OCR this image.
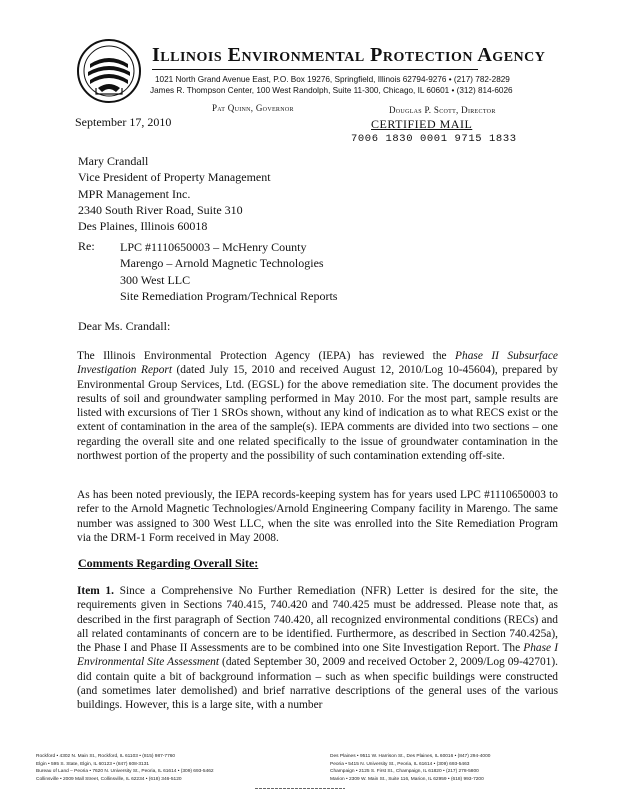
Illinois Environmental Protection Agency
1021 North Grand Avenue East, P.O. Box 19276, Springfield, Illinois 62794-9276 • (217) 782-2829
James R. Thompson Center, 100 West Randolph, Suite 11-300, Chicago, IL 60601 • (312) 814-6026
Pat Quinn, Governor	Douglas P. Scott, Director
September 17, 2010	CERTIFIED MAIL
7006 1830 0001 9715 1833
Mary Crandall
Vice President of Property Management
MPR Management Inc.
2340 South River Road, Suite 310
Des Plaines, Illinois 60018
Re: LPC #1110650003 – McHenry County
Marengo – Arnold Magnetic Technologies
300 West LLC
Site Remediation Program/Technical Reports
Dear Ms. Crandall:
The Illinois Environmental Protection Agency (IEPA) has reviewed the Phase II Subsurface Investigation Report (dated July 15, 2010 and received August 12, 2010/Log 10-45604), prepared by Environmental Group Services, Ltd. (EGSL) for the above remediation site. The document provides the results of soil and groundwater sampling performed in May 2010. For the most part, sample results are listed with excursions of Tier 1 SROs shown, without any kind of indication as to what RECS exist or the extent of contamination in the area of the sample(s). IEPA comments are divided into two sections – one regarding the overall site and one related specifically to the issue of groundwater contamination in the northwest portion of the property and the possibility of such contamination extending off-site.
As has been noted previously, the IEPA records-keeping system has for years used LPC #1110650003 to refer to the Arnold Magnetic Technologies/Arnold Engineering Company facility in Marengo. The same number was assigned to 300 West LLC, when the site was enrolled into the Site Remediation Program via the DRM-1 Form received in May 2008.
Comments Regarding Overall Site:
Item 1. Since a Comprehensive No Further Remediation (NFR) Letter is desired for the site, the requirements given in Sections 740.415, 740.420 and 740.425 must be addressed. Please note that, as described in the first paragraph of Section 740.420, all recognized environmental conditions (RECs) and all related contaminants of concern are to be identified. Furthermore, as described in Section 740.425a), the Phase I and Phase II Assessments are to be combined into one Site Investigation Report. The Phase I Environmental Site Assessment (dated September 30, 2009 and received October 2, 2009/Log 09-42701). did contain quite a bit of background information – such as when specific buildings were constructed (and sometimes later demolished) and brief narrative descriptions of the general uses of the various buildings. However, this is a large site, with a number
Rockford • 4302 N. Main St., Rockford, IL 61103 • (815) 987-7760
Elgin • 595 S. State, Elgin, IL 60123 • (847) 608-3131
Bureau of Land – Peoria • 7620 N. University St., Peoria, IL 61614 • (309) 693-5462
Collinsville • 2009 Mall Street, Collinsville, IL 62234 • (618) 346-5120
Des Plaines • 9511 W. Harrison St., Des Plaines, IL 60016 • (847) 294-4000
Peoria • 5415 N. University St., Peoria, IL 61614 • (309) 693-5463
Champaign • 2125 S. First St., Champaign, IL 61820 • (217) 278-5800
Marion • 2309 W. Main St., Suite 116, Marion, IL 62959 • (618) 993-7200
